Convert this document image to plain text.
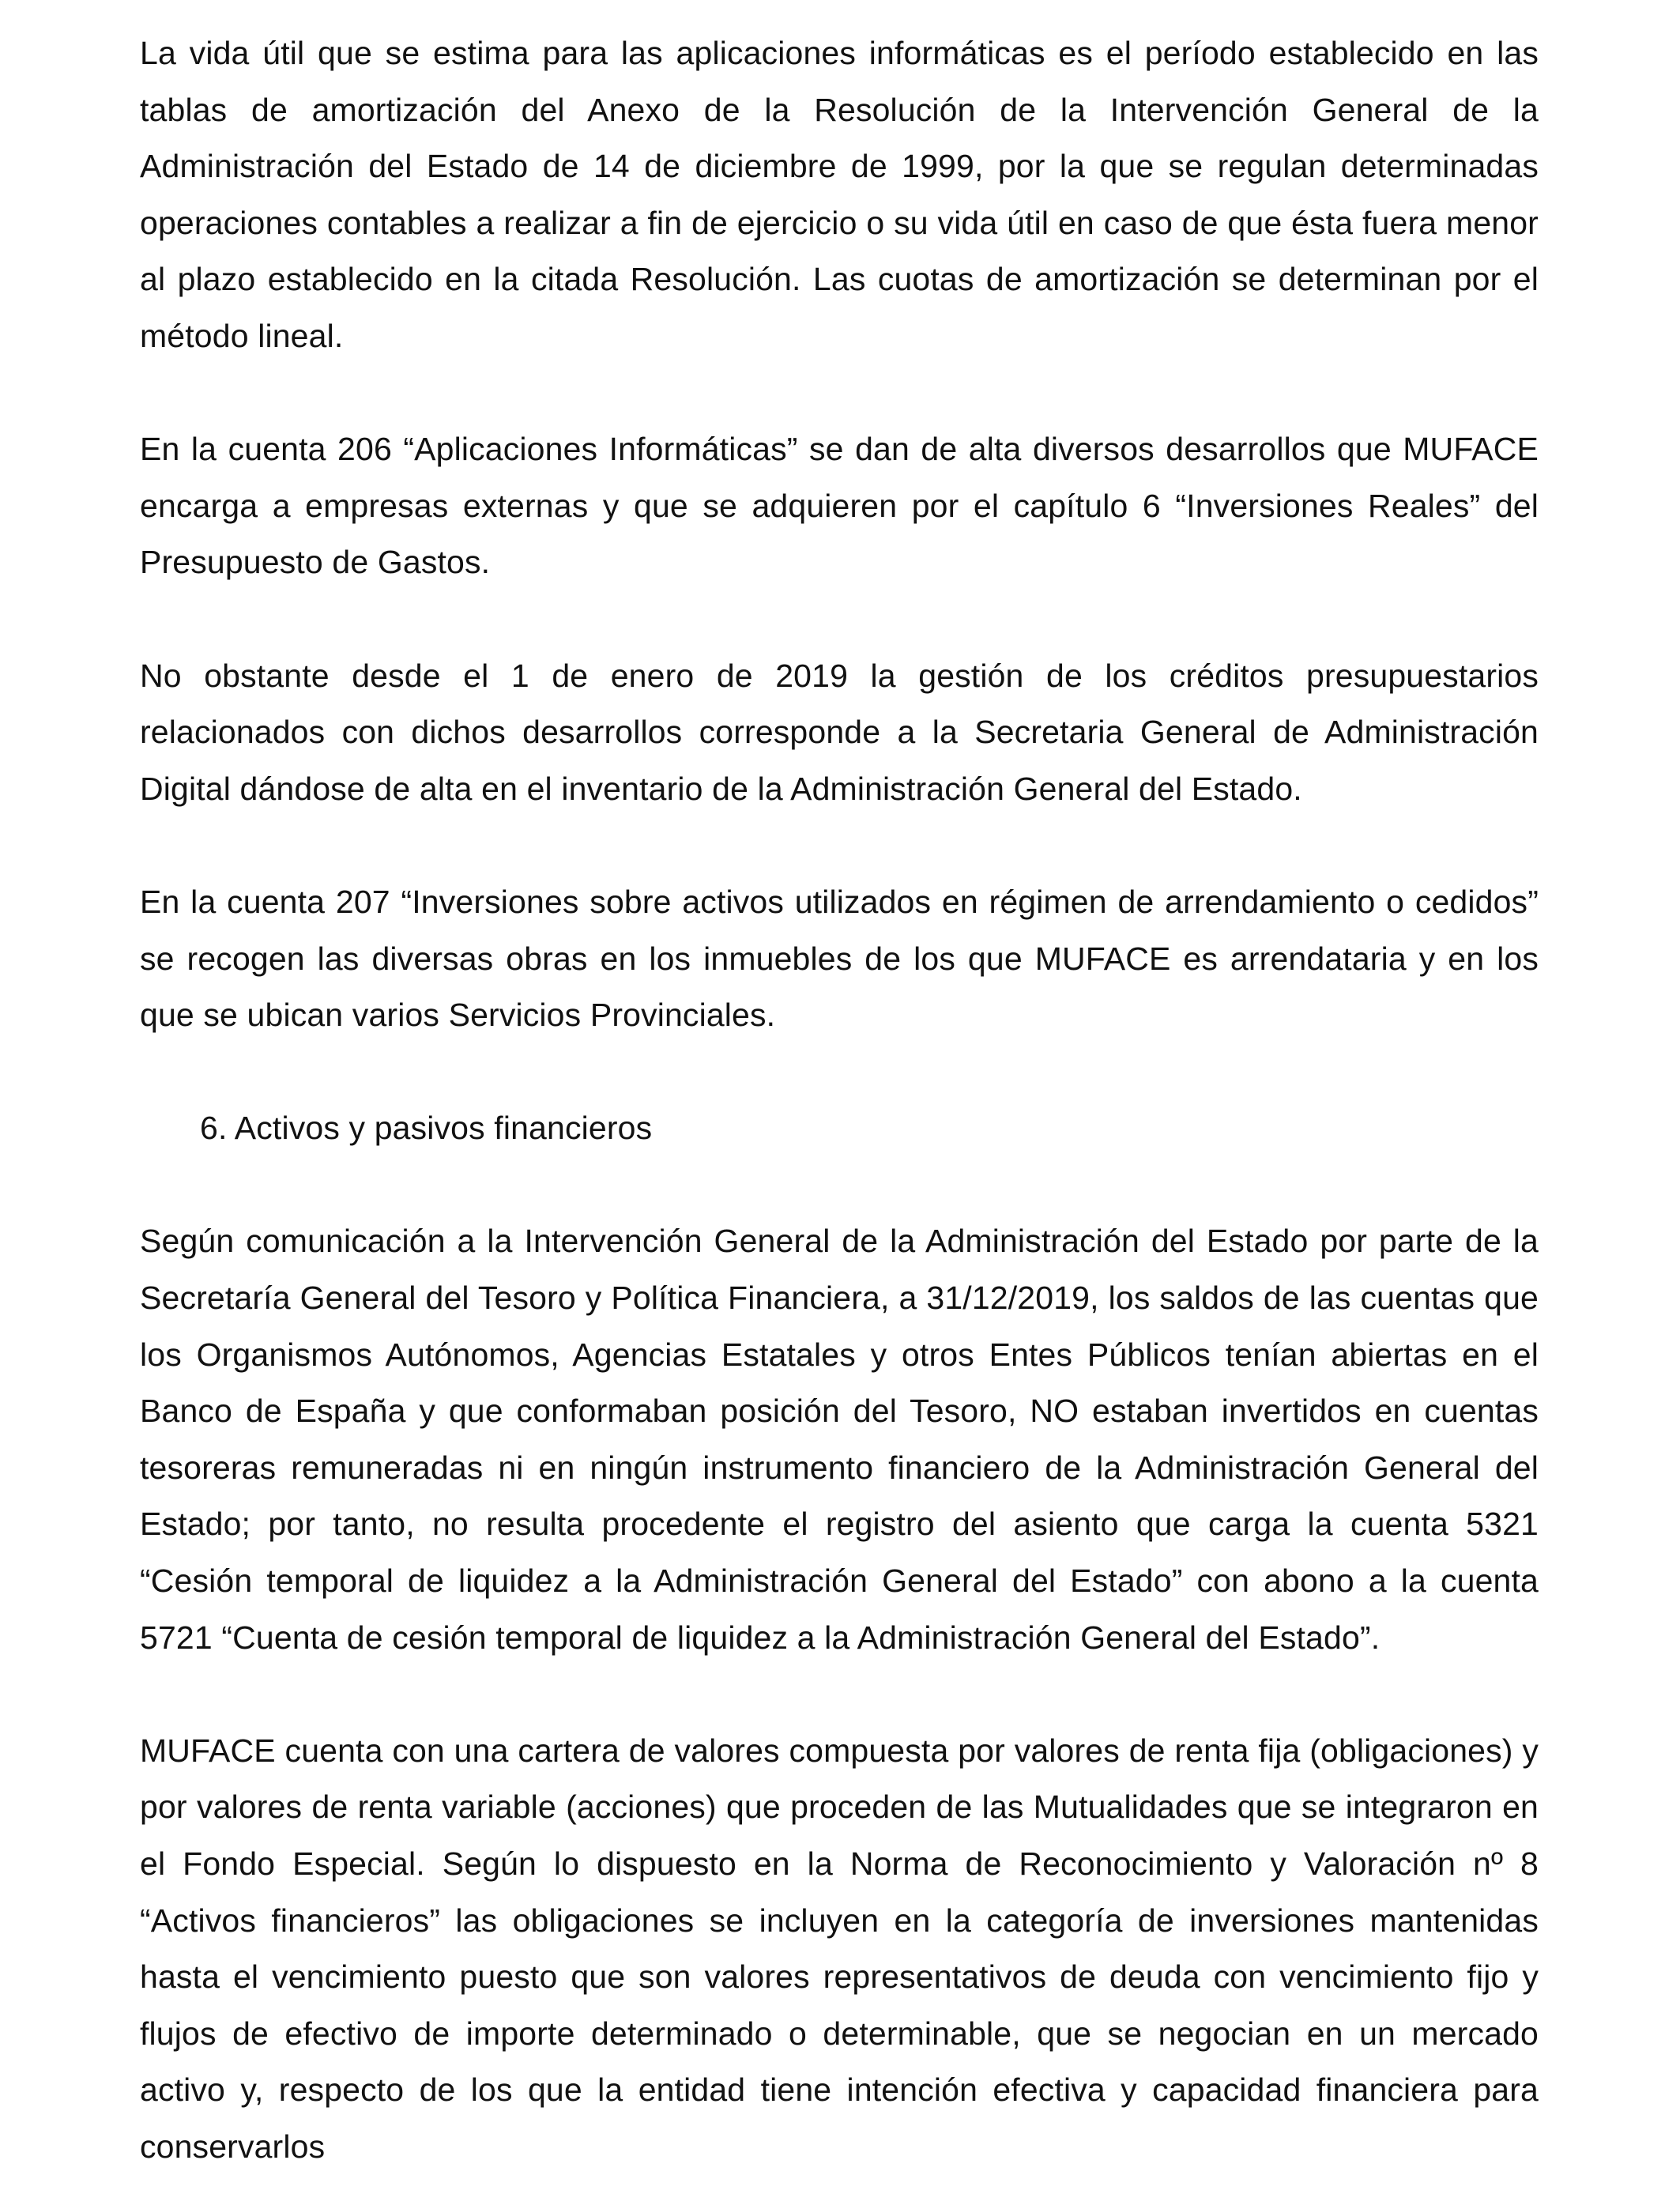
La vida útil que se estima para las aplicaciones informáticas es el período establecido en las tablas de amortización del Anexo de la Resolución de la Intervención General de la Administración del Estado de 14 de diciembre de 1999, por la que se regulan determinadas operaciones contables a realizar a fin de ejercicio o su vida útil en caso de que ésta fuera menor al plazo establecido en la citada Resolución. Las cuotas de amortización se determinan por el método lineal.

En la cuenta 206 “Aplicaciones Informáticas” se dan de alta diversos desarrollos que MUFACE encarga a empresas externas y que se adquieren por el capítulo 6 “Inversiones Reales” del Presupuesto de Gastos.

No obstante desde el 1 de enero de 2019 la gestión de los créditos presupuestarios relacionados con dichos desarrollos corresponde a la Secretaria General de Administración Digital dándose de alta en el inventario de la Administración General del Estado.

En la cuenta 207 “Inversiones sobre activos utilizados en régimen de arrendamiento o cedidos” se recogen las diversas obras en los inmuebles de los que MUFACE es arrendataria y en los que se ubican varios Servicios Provinciales.

6. Activos y pasivos financieros

Según comunicación a la Intervención General de la Administración del Estado por parte de la Secretaría General del Tesoro y Política Financiera, a 31/12/2019, los saldos de las cuentas que los Organismos Autónomos, Agencias Estatales y otros Entes Públicos tenían abiertas en el Banco de España y que conformaban posición del Tesoro, NO estaban invertidos en cuentas tesoreras remuneradas ni en ningún instrumento financiero de la Administración General del Estado; por tanto, no resulta procedente el registro del asiento que carga la cuenta 5321 “Cesión temporal de liquidez a la Administración General del Estado” con abono a la cuenta 5721 “Cuenta de cesión temporal de liquidez a la Administración General del Estado”.

MUFACE cuenta con una cartera de valores compuesta por valores de renta fija (obligaciones) y por valores de renta variable (acciones) que proceden de las Mutualidades que se integraron en el Fondo Especial. Según lo dispuesto en la Norma de Reconocimiento y Valoración nº 8 “Activos financieros” las obligaciones se incluyen en la categoría de inversiones mantenidas hasta el vencimiento puesto que son valores representativos de deuda con vencimiento fijo y flujos de efectivo de importe determinado o determinable, que se negocian en un mercado activo y, respecto de los que la entidad tiene intención efectiva y capacidad financiera para conservarlos
